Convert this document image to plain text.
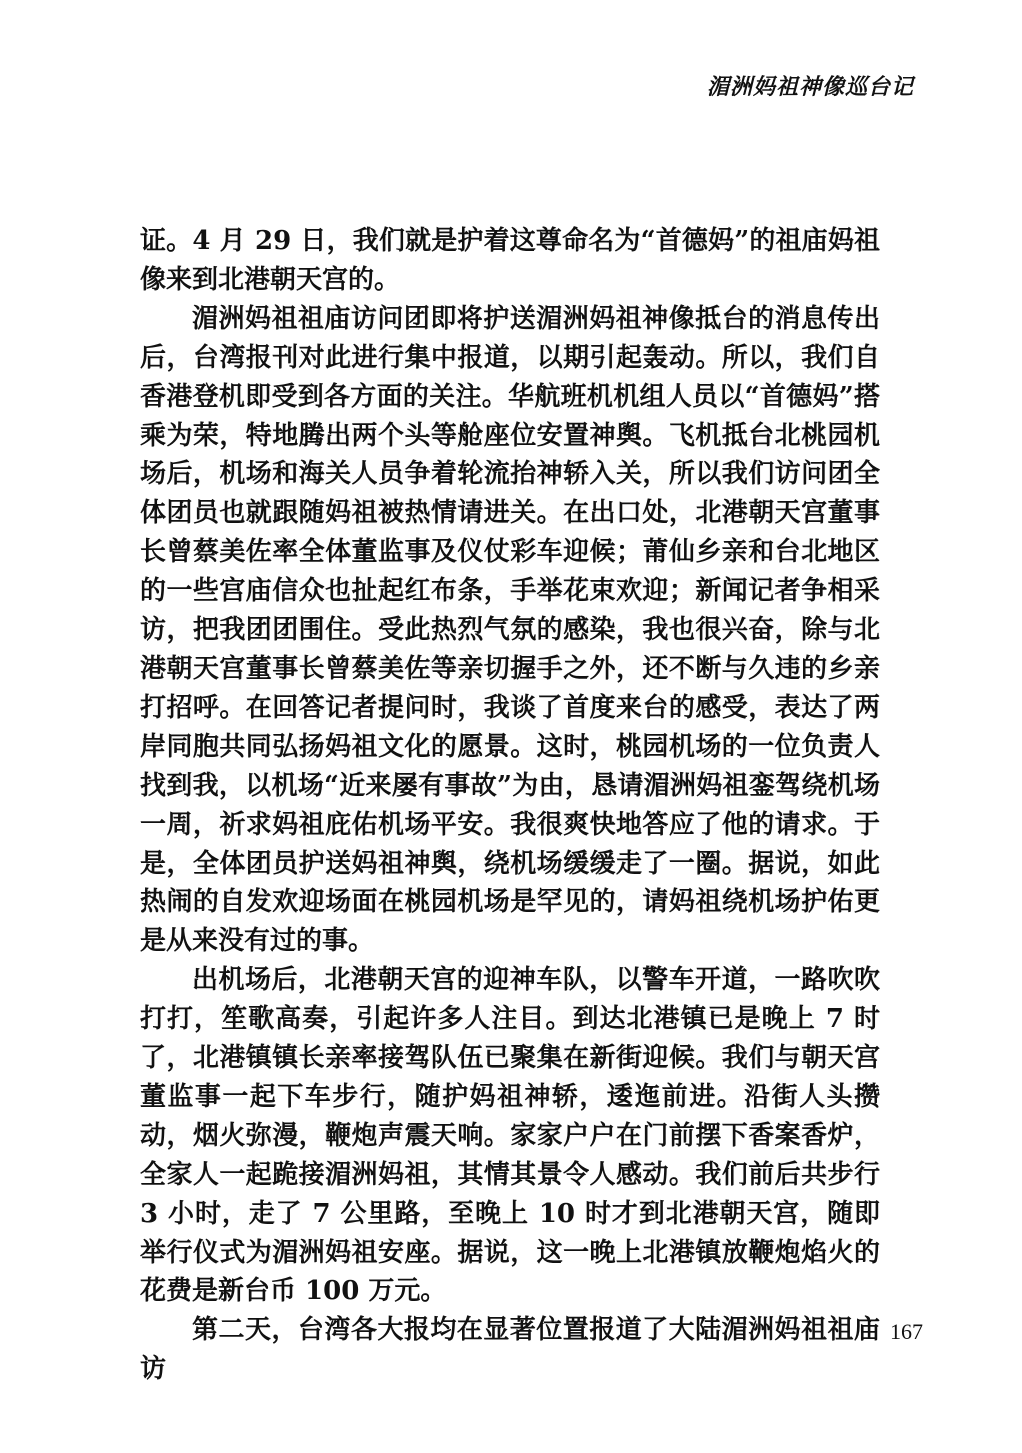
湄洲妈祖神像巡台记

证。4 月 29 日，我们就是护着这尊命名为“首德妈”的祖庙妈祖像来到北港朝天宫的。

湄洲妈祖祖庙访问团即将护送湄洲妈祖神像抵台的消息传出后，台湾报刊对此进行集中报道，以期引起轰动。所以，我们自香港登机即受到各方面的关注。华航班机机组人员以“首德妈”搭乘为荣，特地腾出两个头等舱座位安置神舆。飞机抵台北桃园机场后，机场和海关人员争着轮流抬神轿入关，所以我们访问团全体团员也就跟随妈祖被热情请进关。在出口处，北港朝天宫董事长曾蔡美佐率全体董监事及仪仗彩车迎候；莆仙乡亲和台北地区的一些宫庙信众也扯起红布条，手举花束欢迎；新闻记者争相采访，把我团团围住。受此热烈气氛的感染，我也很兴奋，除与北港朝天宫董事长曾蔡美佐等亲切握手之外，还不断与久违的乡亲打招呼。在回答记者提问时，我谈了首度来台的感受，表达了两岸同胞共同弘扬妈祖文化的愿景。这时，桃园机场的一位负责人找到我，以机场“近来屡有事故”为由，恳请湄洲妈祖銮驾绕机场一周，祈求妈祖庇佑机场平安。我很爽快地答应了他的请求。于是，全体团员护送妈祖神舆，绕机场缓缓走了一圈。据说，如此热闹的自发欢迎场面在桃园机场是罕见的，请妈祖绕机场护佑更是从来没有过的事。

出机场后，北港朝天宫的迎神车队，以警车开道，一路吹吹打打，笙歌高奏，引起许多人注目。到达北港镇已是晚上 7 时了，北港镇镇长亲率接驾队伍已聚集在新街迎候。我们与朝天宫董监事一起下车步行，随护妈祖神轿，逶迤前进。沿街人头攒动，烟火弥漫，鞭炮声震天响。家家户户在门前摆下香案香炉，全家人一起跪接湄洲妈祖，其情其景令人感动。我们前后共步行 3 小时，走了 7 公里路，至晚上 10 时才到北港朝天宫，随即举行仪式为湄洲妈祖安座。据说，这一晚上北港镇放鞭炮焰火的花费是新台币 100 万元。

第二天，台湾各大报均在显著位置报道了大陆湄洲妈祖祖庙访

167
